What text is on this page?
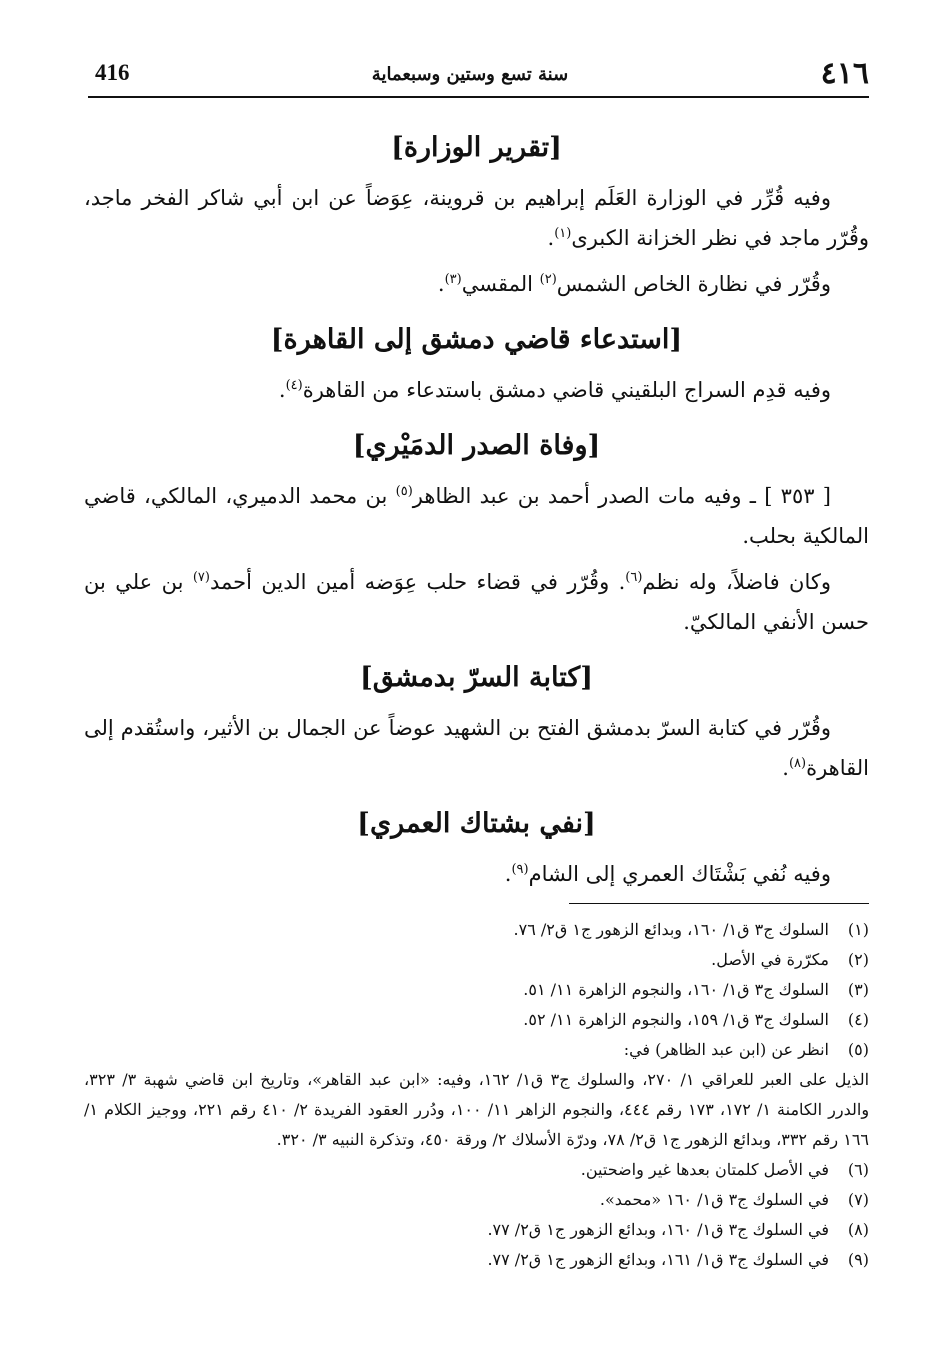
٤١٦
سنة تسع وستين وسبعماية
416
[تقرير الوزارة]

وفيه قُرِّر في الوزارة العَلَم إبراهيم بن قروينة، عِوَضاً عن ابن أبي شاكر الفخر ماجد، وقُرّر ماجد في نظر الخزانة الكبرى$^{(١)}$.

وقُرّر في نظارة الخاص الشمس$^{(٢)}$ المقسي$^{(٣)}$.

[استدعاء قاضي دمشق إلى القاهرة]

وفيه قدِم السراج البلقيني قاضي دمشق باستدعاء من القاهرة$^{(٤)}$.

[وفاة الصدر الدمَيْري]

[ ٣٥٣ ] ـ وفيه مات الصدر أحمد بن عبد الظاهر$^{(٥)}$ بن محمد الدميري، المالكي، قاضي المالكية بحلب.

وكان فاضلاً، وله نظم$^{(٦)}$. وقُرّر في قضاء حلب عِوَضه أمين الدين أحمد$^{(٧)}$ بن علي بن حسن الأنفي المالكيّ.

[كتابة السرّ بدمشق]

وقُرّر في كتابة السرّ بدمشق الفتح بن الشهيد عوضاً عن الجمال بن الأثير، واستُقدم إلى القاهرة$^{(٨)}$.

[نفي بشتاك العمري]

وفيه نُفي بَشْتَاك العمري إلى الشام$^{(٩)}$.

(١)
السلوك ج٣ ق١/ ١٦٠، وبدائع الزهور ج١ ق٢/ ٧٦.
(٢)
مكرّرة في الأصل.
(٣)
السلوك ج٣ ق١/ ١٦٠، والنجوم الزاهرة ١١/ ٥١.
(٤)
السلوك ج٣ ق١/ ١٥٩، والنجوم الزاهرة ١١/ ٥٢.
(٥)
انظر عن (ابن عبد الظاهر) في:
الذيل على العبر للعراقي ١/ ٢٧٠، والسلوك ج٣ ق١/ ١٦٢، وفيه: «ابن عبد القاهر»، وتاريخ ابن قاضي شهبة ٣/ ٣٢٣، والدرر الكامنة ١/ ١٧٢، ١٧٣ رقم ٤٤٤، والنجوم الزاهر ١١/ ١٠٠، ودُرر العقود الفريدة ٢/ ٤١٠ رقم ٢٢١، ووجيز الكلام ١/ ١٦٦ رقم ٣٣٢، وبدائع الزهور ج١ ق٢/ ٧٨، ودرّة الأسلاك ٢/ ورقة ٤٥٠، وتذكرة النبيه ٣/ ٣٢٠.
(٦)
في الأصل كلمتان بعدها غير واضحتين.
(٧)
في السلوك ج٣ ق١/ ١٦٠ «محمد».
(٨)
في السلوك ج٣ ق١/ ١٦٠، وبدائع الزهور ج١ ق٢/ ٧٧.
(٩)
في السلوك ج٣ ق١/ ١٦١، وبدائع الزهور ج١ ق٢/ ٧٧.
